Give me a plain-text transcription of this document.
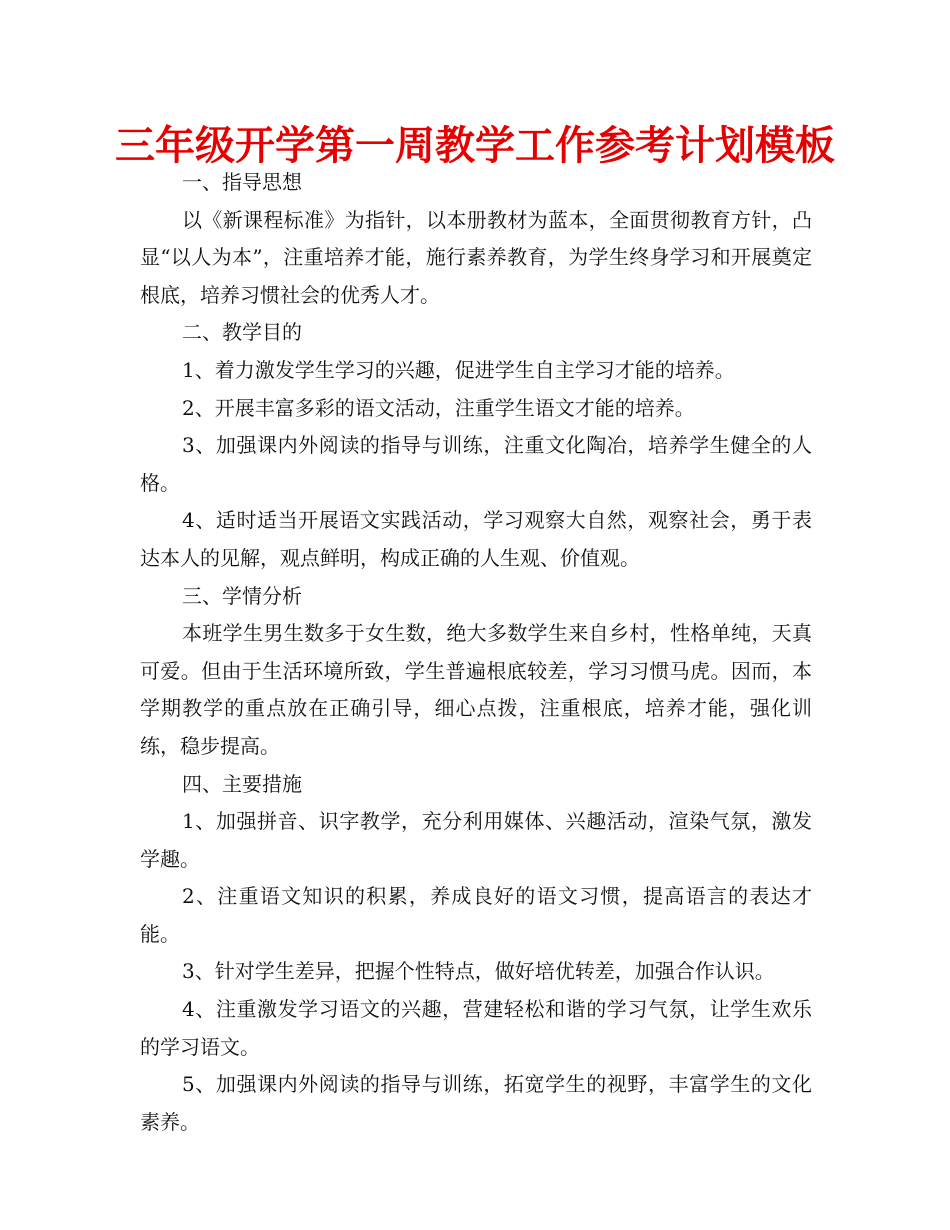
三年级开学第一周教学工作参考计划模板

一、指导思想

以《新课程标准》为指针，以本册教材为蓝本，全面贯彻教育方针，凸显“以人为本”，注重培养才能，施行素养教育，为学生终身学习和开展奠定根底，培养习惯社会的优秀人才。

二、教学目的

1、着力激发学生学习的兴趣，促进学生自主学习才能的培养。

2、开展丰富多彩的语文活动，注重学生语文才能的培养。

3、加强课内外阅读的指导与训练，注重文化陶冶，培养学生健全的人格。

4、适时适当开展语文实践活动，学习观察大自然，观察社会，勇于表达本人的见解，观点鲜明，构成正确的人生观、价值观。

三、学情分析

本班学生男生数多于女生数，绝大多数学生来自乡村，性格单纯，天真可爱。但由于生活环境所致，学生普遍根底较差，学习习惯马虎。因而，本学期教学的重点放在正确引导，细心点拨，注重根底，培养才能，强化训练，稳步提高。

四、主要措施

1、加强拼音、识字教学，充分利用媒体、兴趣活动，渲染气氛，激发学趣。

2、注重语文知识的积累，养成良好的语文习惯，提高语言的表达才能。

3、针对学生差异，把握个性特点，做好培优转差，加强合作认识。

4、注重激发学习语文的兴趣，营建轻松和谐的学习气氛，让学生欢乐的学习语文。

5、加强课内外阅读的指导与训练，拓宽学生的视野，丰富学生的文化素养。
